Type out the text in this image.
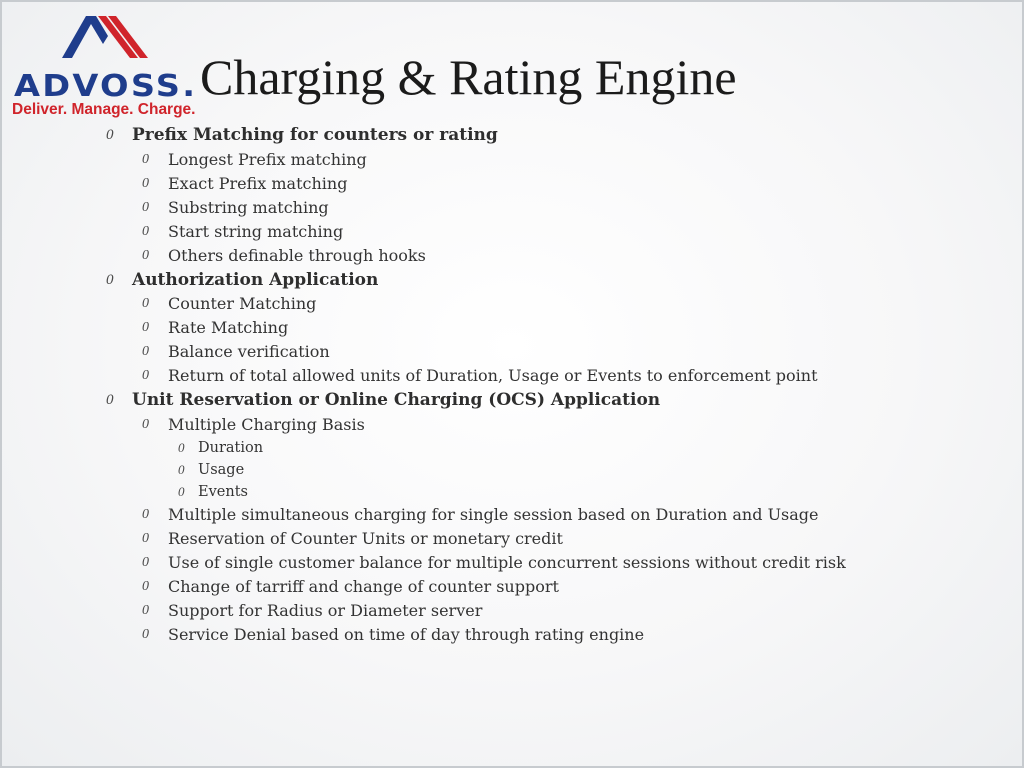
ADVOSS.
Deliver. Manage. Charge.
Charging & Rating Engine
0 Prefix Matching for counters or rating
0 Longest Prefix matching
0 Exact Prefix matching
0 Substring matching
0 Start string matching
0 Others definable through hooks
0 Authorization Application
0 Counter Matching
0 Rate Matching
0 Balance verification
0 Return of total allowed units of Duration, Usage or Events to enforcement point
0 Unit Reservation or Online Charging (OCS) Application
0 Multiple Charging Basis
0 Duration
0 Usage
0 Events
0 Multiple simultaneous charging for single session based on Duration and Usage
0 Reservation of Counter Units or monetary credit
0 Use of single customer balance for multiple concurrent sessions without credit risk
0 Change of tarriff and change of counter support
0 Support for Radius or Diameter server
0 Service Denial based on time of day through rating engine
